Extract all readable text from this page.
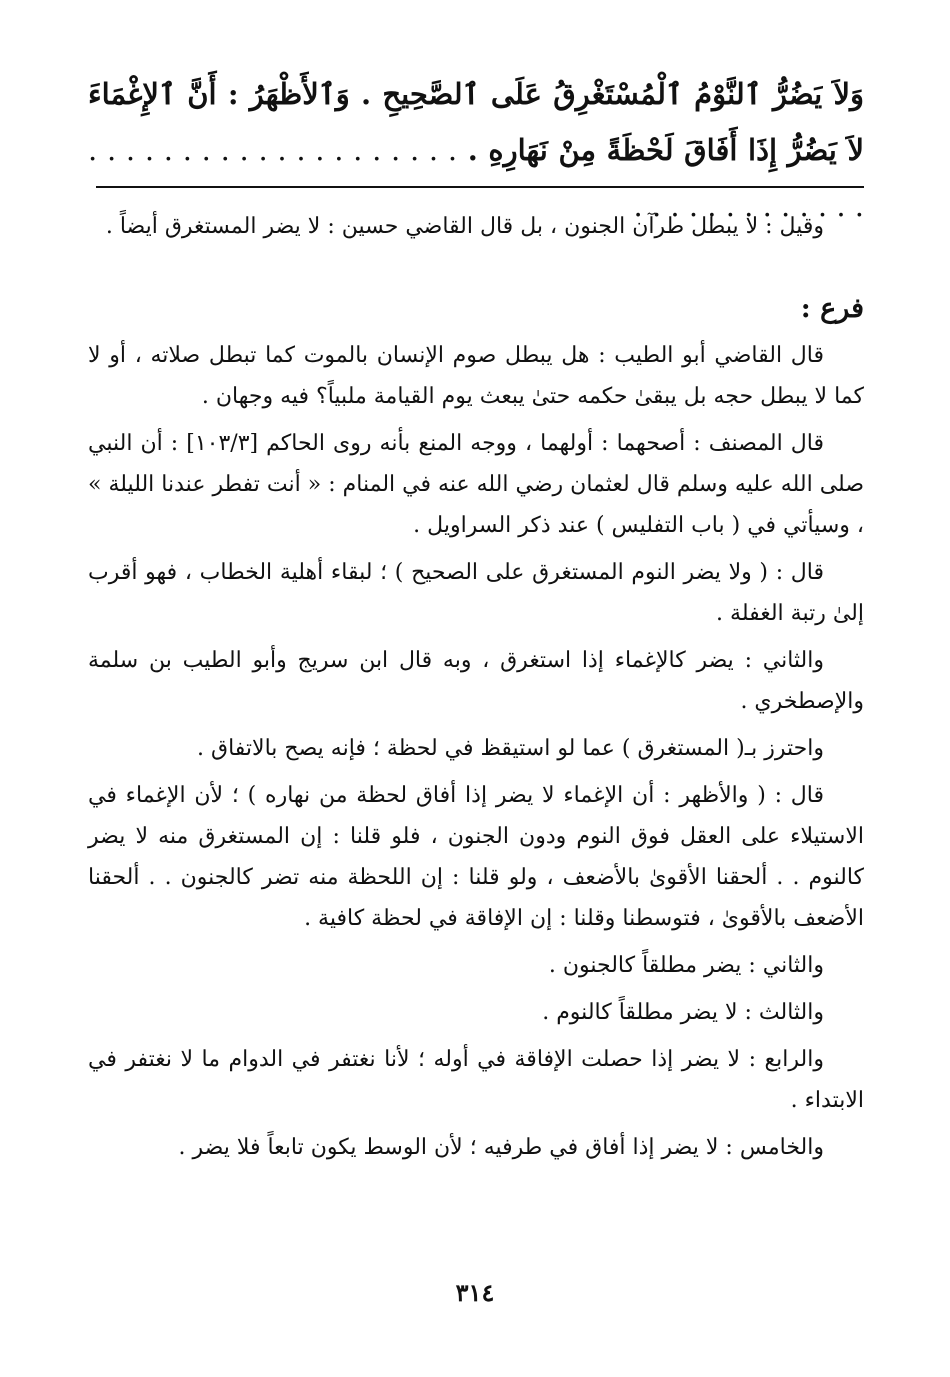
وَلاَ يَضُرُّ ٱلنَّوْمُ ٱلْمُسْتَغْرِقُ عَلَى ٱلصَّحِيحِ . وَٱلأَظْهَرُ : أَنَّ ٱلإِغْمَاءَ لاَ يَضُرُّ إِذَا أَفَاقَ لَحْظَةً مِنْ نَهَارِهِ . . . . . . . . . . . . . . . . . . . . . . . . . . . . . . . . . .

وقيل : لا يبطل طرآن الجنون ، بل قال القاضي حسين : لا يضر المستغرق أيضاً .

فرع :

قال القاضي أبو الطيب : هل يبطل صوم الإنسان بالموت كما تبطل صلاته ، أو لا كما لا يبطل حجه بل يبقىٰ حكمه حتىٰ يبعث يوم القيامة ملبياً؟ فيه وجهان .

قال المصنف : أصحهما : أولهما ، ووجه المنع بأنه روى الحاكم [١٠٣/٣] : أن النبي صلى الله عليه وسلم قال لعثمان رضي الله عنه في المنام : « أنت تفطر عندنا الليلة » ، وسيأتي في ( باب التفليس ) عند ذكر السراويل .

قال : ( ولا يضر النوم المستغرق على الصحيح ) ؛ لبقاء أهلية الخطاب ، فهو أقرب إلىٰ رتبة الغفلة .

والثاني : يضر كالإغماء إذا استغرق ، وبه قال ابن سريج وأبو الطيب بن سلمة والإصطخري .

واحترز بـ( المستغرق ) عما لو استيقظ في لحظة ؛ فإنه يصح بالاتفاق .

قال : ( والأظهر : أن الإغماء لا يضر إذا أفاق لحظة من نهاره ) ؛ لأن الإغماء في الاستيلاء على العقل فوق النوم ودون الجنون ، فلو قلنا : إن المستغرق منه لا يضر كالنوم . . ألحقنا الأقوىٰ بالأضعف ، ولو قلنا : إن اللحظة منه تضر كالجنون . . ألحقنا الأضعف بالأقوىٰ ، فتوسطنا وقلنا : إن الإفاقة في لحظة كافية .

والثاني : يضر مطلقاً كالجنون .

والثالث : لا يضر مطلقاً كالنوم .

والرابع : لا يضر إذا حصلت الإفاقة في أوله ؛ لأنا نغتفر في الدوام ما لا نغتفر في الابتداء .

والخامس : لا يضر إذا أفاق في طرفيه ؛ لأن الوسط يكون تابعاً فلا يضر .

٣١٤
